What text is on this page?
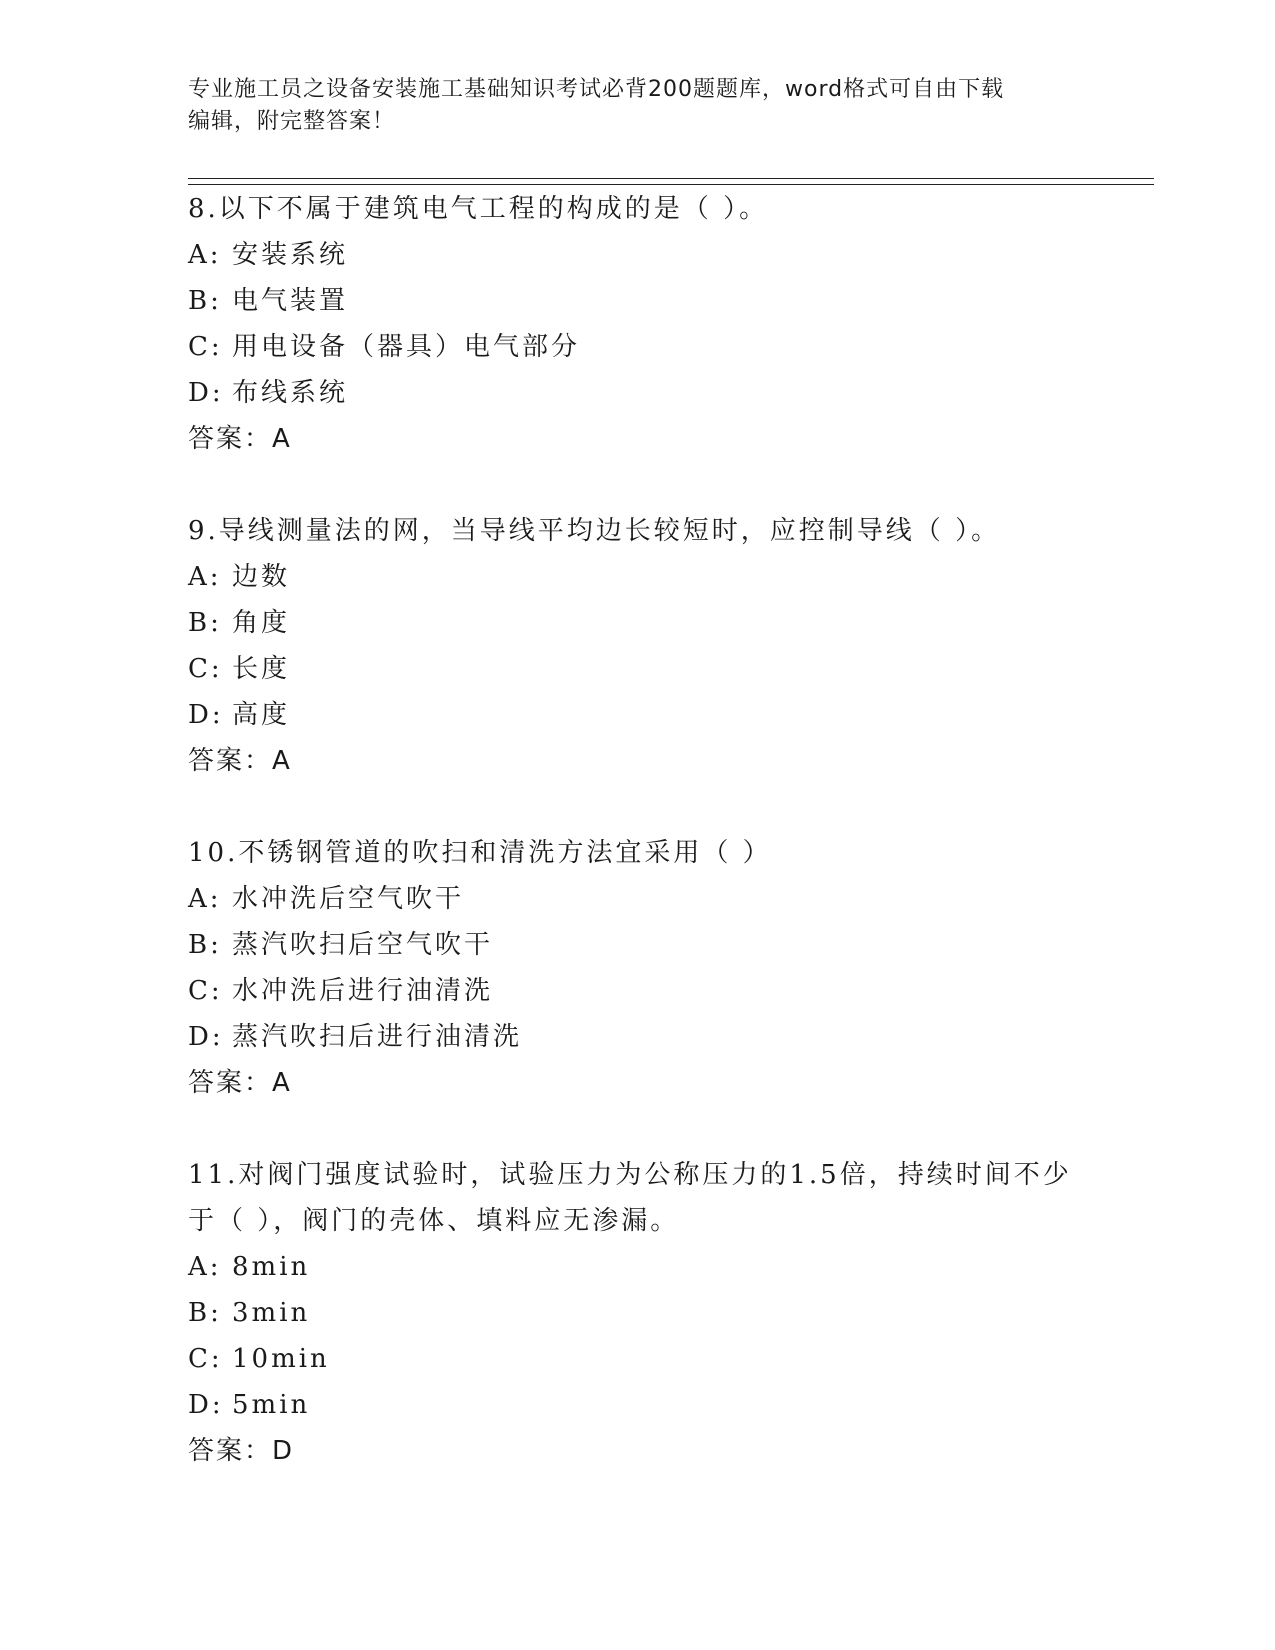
专业施工员之设备安装施工基础知识考试必背200题题库，word格式可自由下载
编辑，附完整答案！
8.以下不属于建筑电气工程的构成的是（ ）。
A: 安装系统
B: 电气装置
C: 用电设备（器具）电气部分
D: 布线系统
答案：A
9.导线测量法的网，当导线平均边长较短时，应控制导线（ ）。
A: 边数
B: 角度
C: 长度
D: 高度
答案：A
10.不锈钢管道的吹扫和清洗方法宜采用（ ）
A: 水冲洗后空气吹干
B: 蒸汽吹扫后空气吹干
C: 水冲洗后进行油清洗
D: 蒸汽吹扫后进行油清洗
答案：A
11.对阀门强度试验时，试验压力为公称压力的1.5倍，持续时间不少
于（ ），阀门的壳体、填料应无渗漏。
A: 8min
B: 3min
C: 10min
D: 5min
答案：D
